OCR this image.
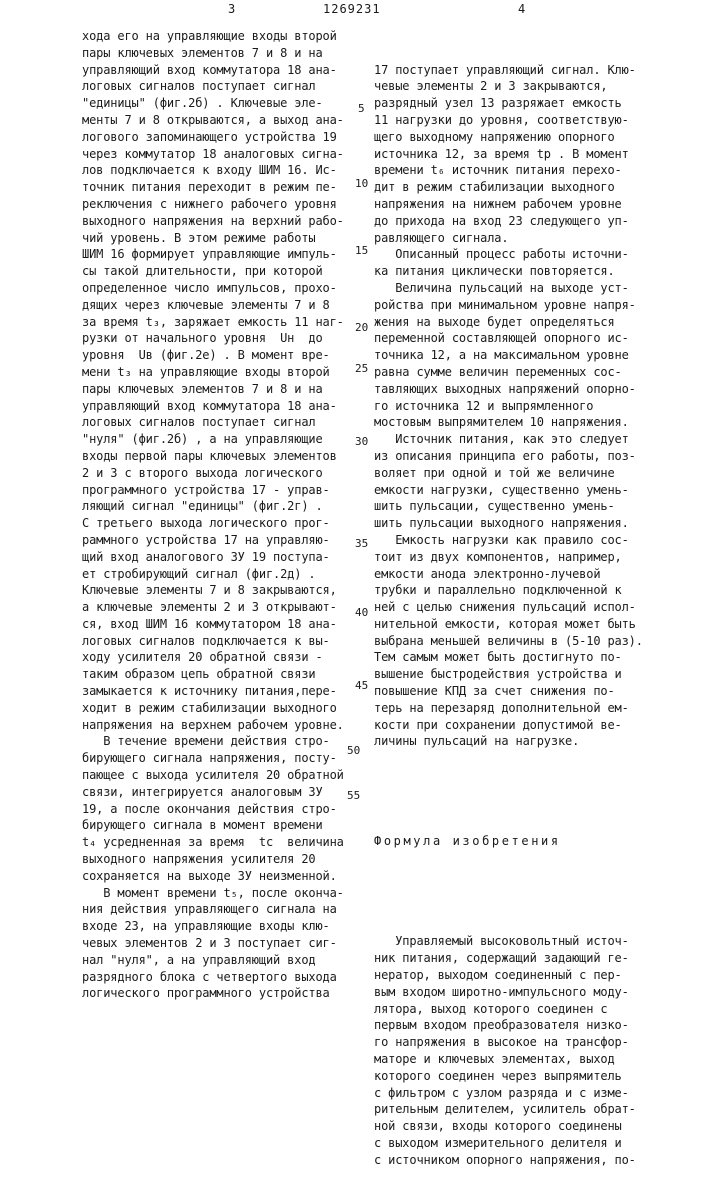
3	1269231	4
хода его на управляющие входы второй
пары ключевых элементов 7 и 8 и на
управляющий вход коммутатора 18 ана-
логовых сигналов поступает сигнал
"единицы" (фиг.2б) . Ключевые эле-
менты 7 и 8 открываются, а выход ана-
логового запоминающего устройства 19
через коммутатор 18 аналоговых сигна-
лов подключается к входу ШИМ 16. Ис-
точник питания переходит в режим пе-
реключения с нижнего рабочего уровня
выходного напряжения на верхний рабо-
чий уровень. В этом режиме работы
ШИМ 16 формирует управляющие импуль-
сы такой длительности, при которой
определенное число импульсов, прохо-
дящих через ключевые элементы 7 и 8
за время t₃, заряжает емкость 11 наг-
рузки от начального уровня  Uн  до
уровня  Uв (фиг.2е) . В момент вре-
мени t₃ на управляющие входы второй
пары ключевых элементов 7 и 8 и на
управляющий вход коммутатора 18 ана-
логовых сигналов поступает сигнал
"нуля" (фиг.2б) , а на управляющие
входы первой пары ключевых элементов
2 и 3 с второго выхода логического
программного устройства 17 - управ-
ляющий сигнал "единицы" (фиг.2г) .
С третьего выхода логического прог-
раммного устройства 17 на управляю-
щий вход аналогового ЗУ 19 поступа-
ет стробирующий сигнал (фиг.2д) .
Ключевые элементы 7 и 8 закрываются,
а ключевые элементы 2 и 3 открывают-
ся, вход ШИМ 16 коммутатором 18 ана-
логовых сигналов подключается к вы-
ходу усилителя 20 обратной связи -
таким образом цепь обратной связи
замыкается к источнику питания,пере-
ходит в режим стабилизации выходного
напряжения на верхнем рабочем уровне.
В течение времени действия стро-
бирующего сигнала напряжения, посту-
пающее с выхода усилителя 20 обратной
связи, интегрируется аналоговым ЗУ
19, а после окончания действия стро-
бирующего сигнала в момент времени
t₄ усредненная за время  tс  величина
выходного напряжения усилителя 20
сохраняется на выходе ЗУ неизменной.
В момент времени t₅, после оконча-
ния действия управляющего сигнала на
входе 23, на управляющие входы клю-
чевых элементов 2 и 3 поступает сиг-
нал "нуля", а на управляющий вход
разрядного блока с четвертого выхода
логического программного устройства

17 поступает управляющий сигнал. Клю-
чевые элементы 2 и 3 закрываются,
разрядный узел 13 разряжает емкость
11 нагрузки до уровня, соответствую-
щего выходному напряжению опорного
источника 12, за время tр . В момент
времени t₆ источник питания перехо-
дит в режим стабилизации выходного
напряжения на нижнем рабочем уровне
до прихода на вход 23 следующего уп-
равляющего сигнала.
Описанный процесс работы источни-
ка питания циклически повторяется.
Величина пульсаций на выходе уст-
ройства при минимальном уровне напря-
жения на выходе будет определяться
переменной составляющей опорного ис-
точника 12, а на максимальном уровне
равна сумме величин переменных сос-
тавляющих выходных напряжений опорно-
го источника 12 и выпрямленного
мостовым выпрямителем 10 напряжения.
Источник питания, как это следует
из описания принципа его работы, поз-
воляет при одной и той же величине
емкости нагрузки, существенно умень-
шить пульсации, существенно умень-
шить пульсации выходного напряжения.
Емкость нагрузки как правило сос-
тоит из двух компонентов, например,
емкости анода электронно-лучевой
трубки и параллельно подключенной к
ней с целью снижения пульсаций испол-
нительной емкости, которая может быть
выбрана меньшей величины в (5-10 раз).
Тем самым может быть достигнуто по-
вышение быстродействия устройства и
повышение КПД за счет снижения по-
терь на перезаряд дополнительной ем-
кости при сохранении допустимой ве-
личины пульсаций на нагрузке.

Формула изобретения

Управляемый высоковольтный источ-
ник питания, содержащий задающий ге-
нератор, выходом соединенный с пер-
вым входом широтно-импульсного моду-
лятора, выход которого соединен с
первым входом преобразователя низко-
го напряжения в высокое на трансфор-
маторе и ключевых элементах, выход
которого соединен через выпрямитель
с фильтром с узлом разряда и с изме-
рительным делителем, усилитель обрат-
ной связи, входы которого соединены
с выходом измерительного делителя и
с источником опорного напряжения, по-

5
10
15
20
25
30
35
40
45
50
55
